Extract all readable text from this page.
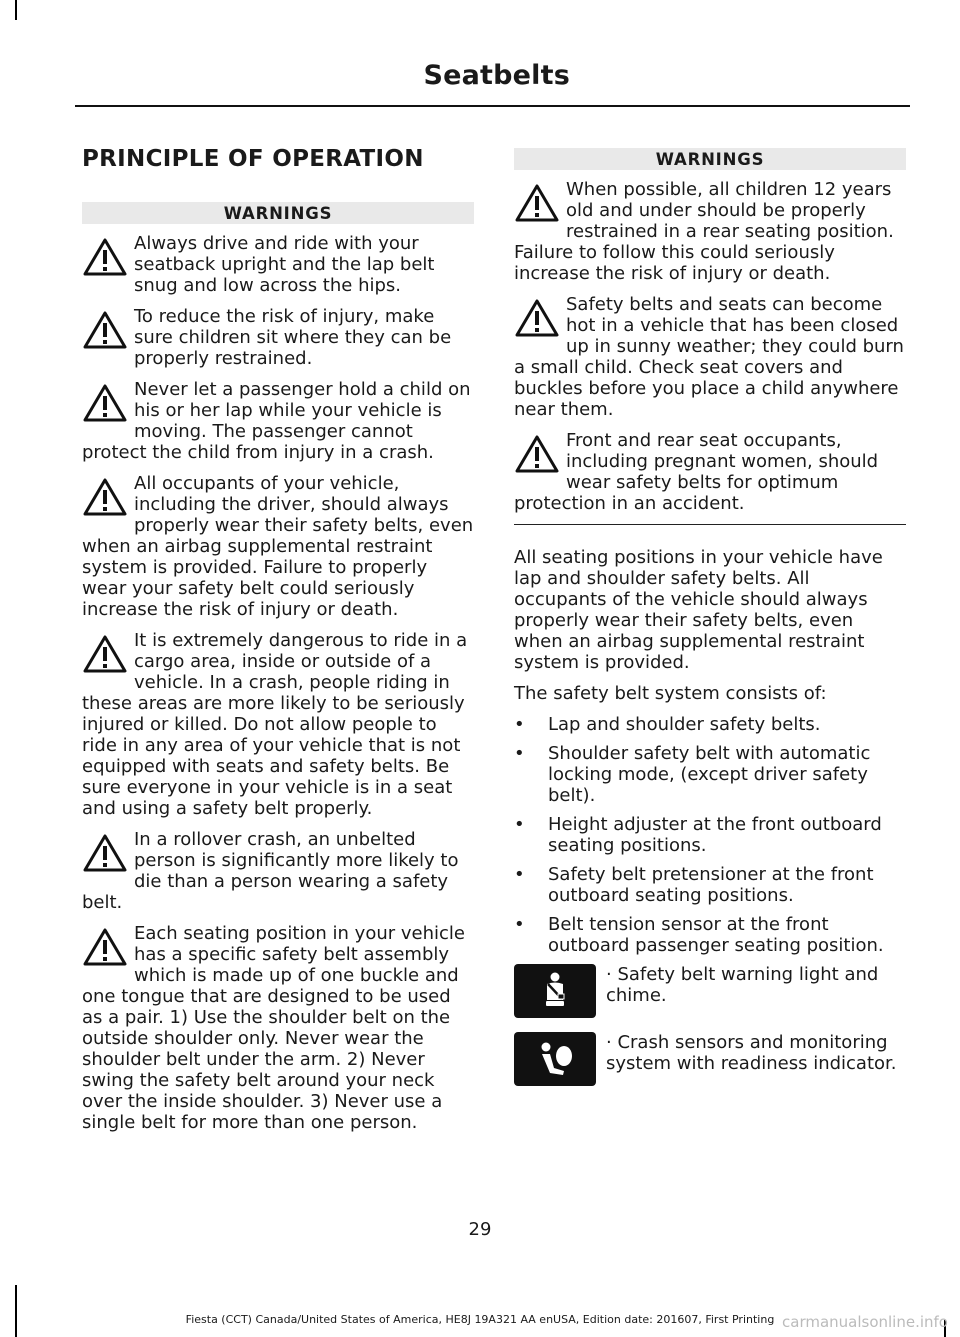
Seatbelts
PRINCIPLE OF OPERATION
WARNINGS
Always drive and ride with your seatback upright and the lap belt snug and low across the hips.
To reduce the risk of injury, make sure children sit where they can be properly restrained.
Never let a passenger hold a child on his or her lap while your vehicle is moving. The passenger cannot protect the child from injury in a crash.
All occupants of your vehicle, including the driver, should always properly wear their safety belts, even when an airbag supplemental restraint system is provided. Failure to properly wear your safety belt could seriously increase the risk of injury or death.
It is extremely dangerous to ride in a cargo area, inside or outside of a vehicle. In a crash, people riding in these areas are more likely to be seriously injured or killed. Do not allow people to ride in any area of your vehicle that is not equipped with seats and safety belts. Be sure everyone in your vehicle is in a seat and using a safety belt properly.
In a rollover crash, an unbelted person is significantly more likely to die than a person wearing a safety belt.
Each seating position in your vehicle has a specific safety belt assembly which is made up of one buckle and one tongue that are designed to be used as a pair. 1) Use the shoulder belt on the outside shoulder only. Never wear the shoulder belt under the arm. 2) Never swing the safety belt around your neck over the inside shoulder. 3) Never use a single belt for more than one person.
WARNINGS
When possible, all children 12 years old and under should be properly restrained in a rear seating position. Failure to follow this could seriously increase the risk of injury or death.
Safety belts and seats can become hot in a vehicle that has been closed up in sunny weather; they could burn a small child. Check seat covers and buckles before you place a child anywhere near them.
Front and rear seat occupants, including pregnant women, should wear safety belts for optimum protection in an accident.

All seating positions in your vehicle have lap and shoulder safety belts. All occupants of the vehicle should always properly wear their safety belts, even when an airbag supplemental restraint system is provided.

The safety belt system consists of:

• Lap and shoulder safety belts.
• Shoulder safety belt with automatic locking mode, (except driver safety belt).
• Height adjuster at the front outboard seating positions.
• Safety belt pretensioner at the front outboard seating positions.
• Belt tension sensor at the front outboard passenger seating position.
· Safety belt warning light and chime.
· Crash sensors and monitoring system with readiness indicator.
29
Fiesta (CCT) Canada/United States of America, HE8J 19A321 AA enUSA, Edition date: 201607, First Printing carmanualsonline.info
